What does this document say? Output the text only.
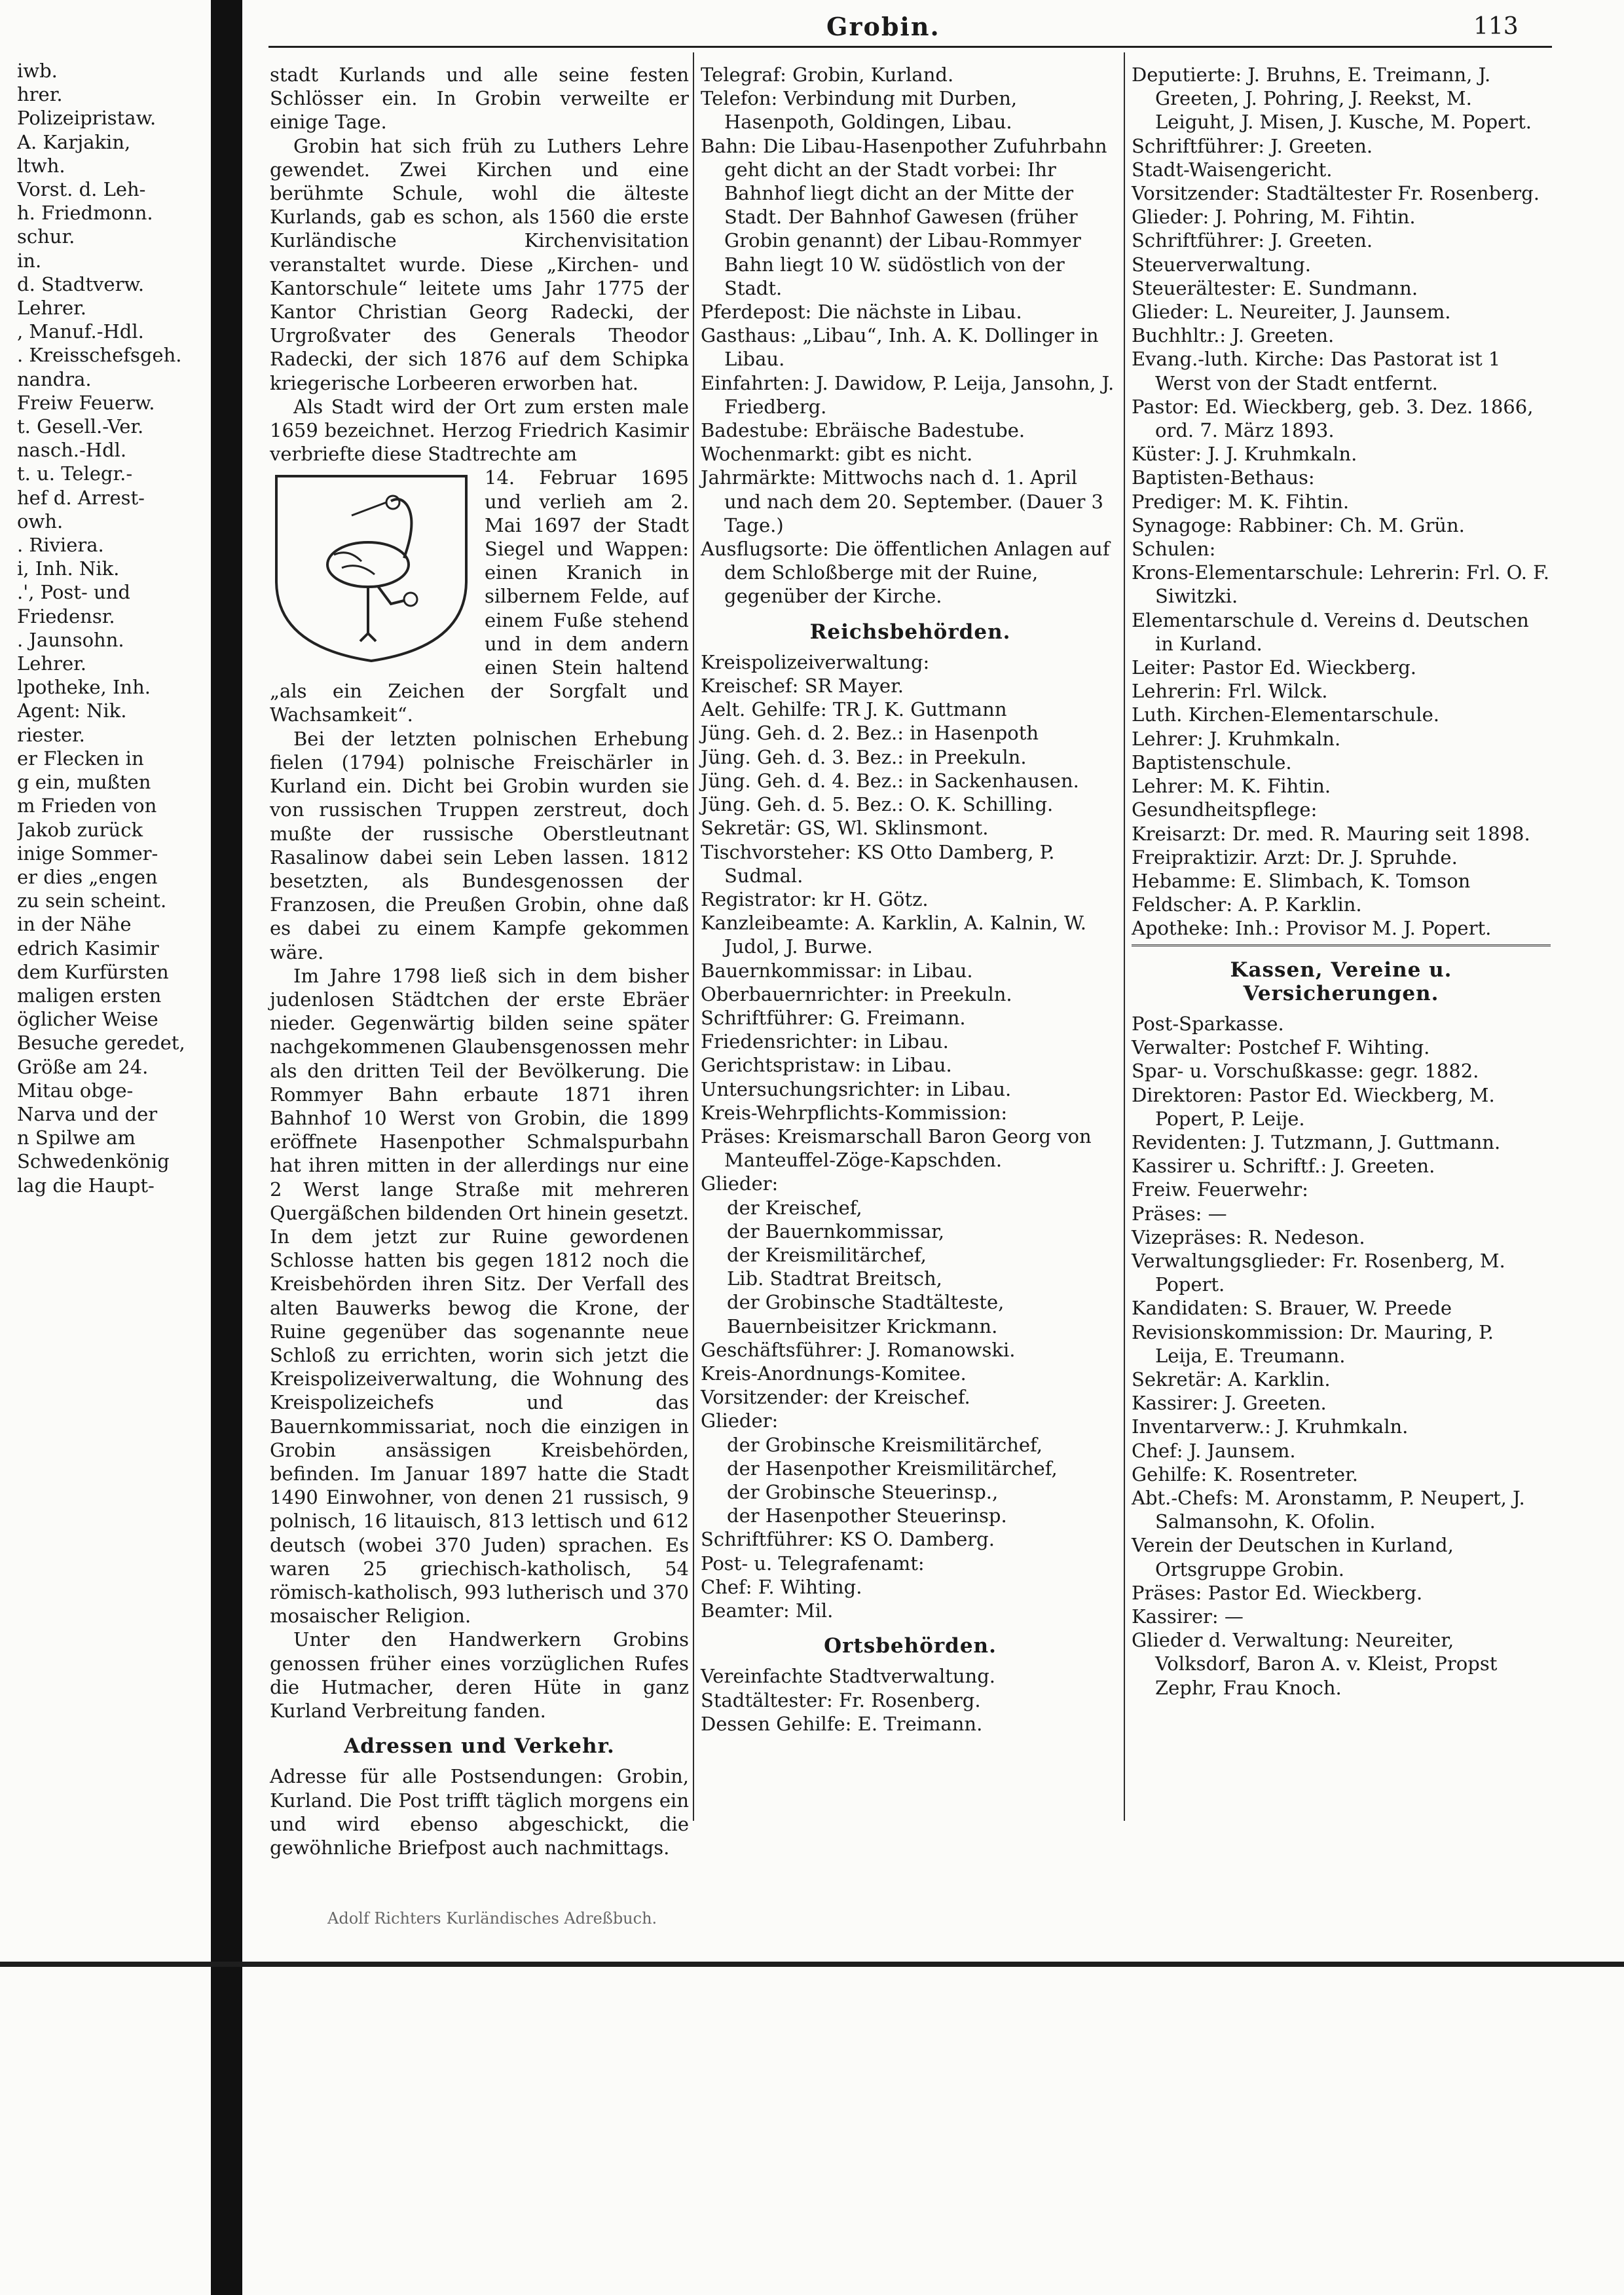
Grobin.	113

iwb.

hrer.

Polizeipristaw.

A. Karjakin,

ltwh.

Vorst. d. Leh-

h. Friedmonn.

schur.

in.

d. Stadtverw.

Lehrer.

, Manuf.-Hdl.

. Kreisschefsgeh.

nandra.

Freiw Feuerw.

t. Gesell.-Ver.

nasch.-Hdl.

t. u. Telegr.-

hef d. Arrest-

owh.

. Riviera.

i, Inh. Nik.

.', Post- und

Friedensr.

. Jaunsohn.

Lehrer.

lpotheke, Inh.

Agent: Nik.

riester.

er Flecken in

g ein, mußten

m Frieden von

Jakob zurück

inige Sommer-

er dies „engen

zu sein scheint.

in der Nähe

edrich Kasimir

dem Kurfürsten

maligen ersten

öglicher Weise

Besuche geredet,

Größe am 24.

Mitau obge-

Narva und der

n Spilwe am

Schwedenkönig

lag die Haupt-

stadt Kurlands und alle seine festen Schlösser ein. In Grobin verweilte er einige Tage.

Grobin hat sich früh zu Luthers Lehre gewendet. Zwei Kirchen und eine berühmte Schule, wohl die älteste Kurlands, gab es schon, als 1560 die erste Kurländische Kirchenvisitation veranstaltet wurde. Diese „Kirchen- und Kantorschule“ leitete ums Jahr 1775 der Kantor Christian Georg Radecki, der Urgroßvater des Generals Theodor Radecki, der sich 1876 auf dem Schipka kriegerische Lorbeeren erworben hat.

Als Stadt wird der Ort zum ersten male 1659 bezeichnet. Herzog Friedrich Kasimir verbriefte diese Stadtrechte am

14. Februar 1695 und verlieh am 2. Mai 1697 der Stadt Siegel und Wappen: einen Kranich in silbernem Felde, auf einem Fuße stehend und in dem andern einen Stein haltend „als ein Zeichen der Sorgfalt und Wachsamkeit“.

Bei der letzten polnischen Erhebung fielen (1794) polnische Freischärler in Kurland ein. Dicht bei Grobin wurden sie von russischen Truppen zerstreut, doch mußte der russische Oberstleutnant Rasalinow dabei sein Leben lassen. 1812 besetzten, als Bundesgenossen der Franzosen, die Preußen Grobin, ohne daß es dabei zu einem Kampfe gekommen wäre.

Im Jahre 1798 ließ sich in dem bisher judenlosen Städtchen der erste Ebräer nieder. Gegenwärtig bilden seine später nachgekommenen Glaubensgenossen mehr als den dritten Teil der Bevölkerung. Die Rommyer Bahn erbaute 1871 ihren Bahnhof 10 Werst von Grobin, die 1899 eröffnete Hasenpother Schmalspurbahn hat ihren mitten in der allerdings nur eine 2 Werst lange Straße mit mehreren Quergäßchen bildenden Ort hinein gesetzt. In dem jetzt zur Ruine gewordenen Schlosse hatten bis gegen 1812 noch die Kreisbehörden ihren Sitz. Der Verfall des alten Bauwerks bewog die Krone, der Ruine gegenüber das sogenannte neue Schloß zu errichten, worin sich jetzt die Kreispolizeiverwaltung, die Wohnung des Kreispolizeichefs und das Bauernkommissariat, noch die einzigen in Grobin ansässigen Kreisbehörden, befinden. Im Januar 1897 hatte die Stadt 1490 Einwohner, von denen 21 russisch, 9 polnisch, 16 litauisch, 813 lettisch und 612 deutsch (wobei 370 Juden) sprachen. Es waren 25 griechisch-katholisch, 54 römisch-katholisch, 993 lutherisch und 370 mosaischer Religion.

Unter den Handwerkern Grobins genossen früher eines vorzüglichen Rufes die Hutmacher, deren Hüte in ganz Kurland Verbreitung fanden.

Adressen und Verkehr.

Adresse für alle Postsendungen: Grobin, Kurland. Die Post trifft täglich morgens ein und wird ebenso abgeschickt, die gewöhnliche Briefpost auch nachmittags.

Telegraf: Grobin, Kurland.

Telefon: Verbindung mit Durben, Hasenpoth, Goldingen, Libau.

Bahn: Die Libau-Hasenpother Zufuhrbahn geht dicht an der Stadt vorbei: Ihr Bahnhof liegt dicht an der Mitte der Stadt. Der Bahnhof Gawesen (früher Grobin genannt) der Libau-Rommyer Bahn liegt 10 W. südöstlich von der Stadt.

Pferdepost: Die nächste in Libau.

Gasthaus: „Libau“, Inh. A. K. Dollinger in Libau.

Einfahrten: J. Dawidow, P. Leija, Jansohn, J. Friedberg.

Badestube: Ebräische Badestube.

Wochenmarkt: gibt es nicht.

Jahrmärkte: Mittwochs nach d. 1. April und nach dem 20. September. (Dauer 3 Tage.)

Ausflugsorte: Die öffentlichen Anlagen auf dem Schloßberge mit der Ruine, gegenüber der Kirche.

Reichsbehörden.

Kreispolizeiverwaltung:

Kreischef: SR Mayer.

Aelt. Gehilfe: TR J. K. Guttmann

Jüng. Geh. d. 2. Bez.: in Hasenpoth

Jüng. Geh. d. 3. Bez.: in Preekuln.

Jüng. Geh. d. 4. Bez.: in Sackenhausen.

Jüng. Geh. d. 5. Bez.: O. K. Schilling.

Sekretär: GS, Wl. Sklinsmont.

Tischvorsteher: KS Otto Damberg, P. Sudmal.

Registrator: kr H. Götz.

Kanzleibeamte: A. Karklin, A. Kalnin, W. Judol, J. Burwe.

Bauernkommissar: in Libau.

Oberbauernrichter: in Preekuln.

Schriftführer: G. Freimann.

Friedensrichter: in Libau.

Gerichtspristaw: in Libau.

Untersuchungsrichter: in Libau.

Kreis-Wehrpflichts-Kommission:

Präses: Kreismarschall Baron Georg von Manteuffel-Zöge-Kapschden.

Glieder:

der Kreischef,

der Bauernkommissar,

der Kreismilitärchef,

Lib. Stadtrat Breitsch,

der Grobinsche Stadtälteste,

Bauernbeisitzer Krickmann.

Geschäftsführer: J. Romanowski.

Kreis-Anordnungs-Komitee.

Vorsitzender: der Kreischef.

Glieder:

der Grobinsche Kreismilitärchef,

der Hasenpother Kreismilitärchef,

der Grobinsche Steuerinsp.,

der Hasenpother Steuerinsp.

Schriftführer: KS O. Damberg.

Post- u. Telegrafenamt:

Chef: F. Wihting.

Beamter: Mil.

Ortsbehörden.

Vereinfachte Stadtverwaltung.

Stadtältester: Fr. Rosenberg.

Dessen Gehilfe: E. Treimann.

Deputierte: J. Bruhns, E. Treimann, J. Greeten, J. Pohring, J. Reekst, M. Leiguht, J. Misen, J. Kusche, M. Popert.

Schriftführer: J. Greeten.

Stadt-Waisengericht.

Vorsitzender: Stadtältester Fr. Rosenberg.

Glieder: J. Pohring, M. Fihtin.

Schriftführer: J. Greeten.

Steuerverwaltung.

Steuerältester: E. Sundmann.

Glieder: L. Neureiter, J. Jaunsem.

Buchhltr.: J. Greeten.

Evang.-luth. Kirche: Das Pastorat ist 1 Werst von der Stadt entfernt.

Pastor: Ed. Wieckberg, geb. 3. Dez. 1866, ord. 7. März 1893.

Küster: J. J. Kruhmkaln.

Baptisten-Bethaus:

Prediger: M. K. Fihtin.

Synagoge: Rabbiner: Ch. M. Grün.

Schulen:

Krons-Elementarschule: Lehrerin: Frl. O. F. Siwitzki.

Elementarschule d. Vereins d. Deutschen in Kurland.

Leiter: Pastor Ed. Wieckberg.

Lehrerin: Frl. Wilck.

Luth. Kirchen-Elementarschule.

Lehrer: J. Kruhmkaln.

Baptistenschule.

Lehrer: M. K. Fihtin.

Gesundheitspflege:

Kreisarzt: Dr. med. R. Mauring seit 1898.

Freipraktizir. Arzt: Dr. J. Spruhde.

Hebamme: E. Slimbach, K. Tomson

Feldscher: A. P. Karklin.

Apotheke: Inh.: Provisor M. J. Popert.

Kassen, Vereine u. Versicherungen.

Post-Sparkasse.

Verwalter: Postchef F. Wihting.

Spar- u. Vorschußkasse: gegr. 1882.

Direktoren: Pastor Ed. Wieckberg, M. Popert, P. Leije.

Revidenten: J. Tutzmann, J. Guttmann.

Kassirer u. Schriftf.: J. Greeten.

Freiw. Feuerwehr:

Präses: —

Vizepräses: R. Nedeson.

Verwaltungsglieder: Fr. Rosenberg, M. Popert.

Kandidaten: S. Brauer, W. Preede

Revisionskommission: Dr. Mauring, P. Leija, E. Treumann.

Sekretär: A. Karklin.

Kassirer: J. Greeten.

Inventarverw.: J. Kruhmkaln.

Chef: J. Jaunsem.

Gehilfe: K. Rosentreter.

Abt.-Chefs: M. Aronstamm, P. Neupert, J. Salmansohn, K. Ofolin.

Verein der Deutschen in Kurland, Ortsgruppe Grobin.

Präses: Pastor Ed. Wieckberg.

Kassirer: —

Glieder d. Verwaltung: Neureiter, Volksdorf, Baron A. v. Kleist, Propst Zephr, Frau Knoch.

Adolf Richters Kurländisches Adreßbuch.
